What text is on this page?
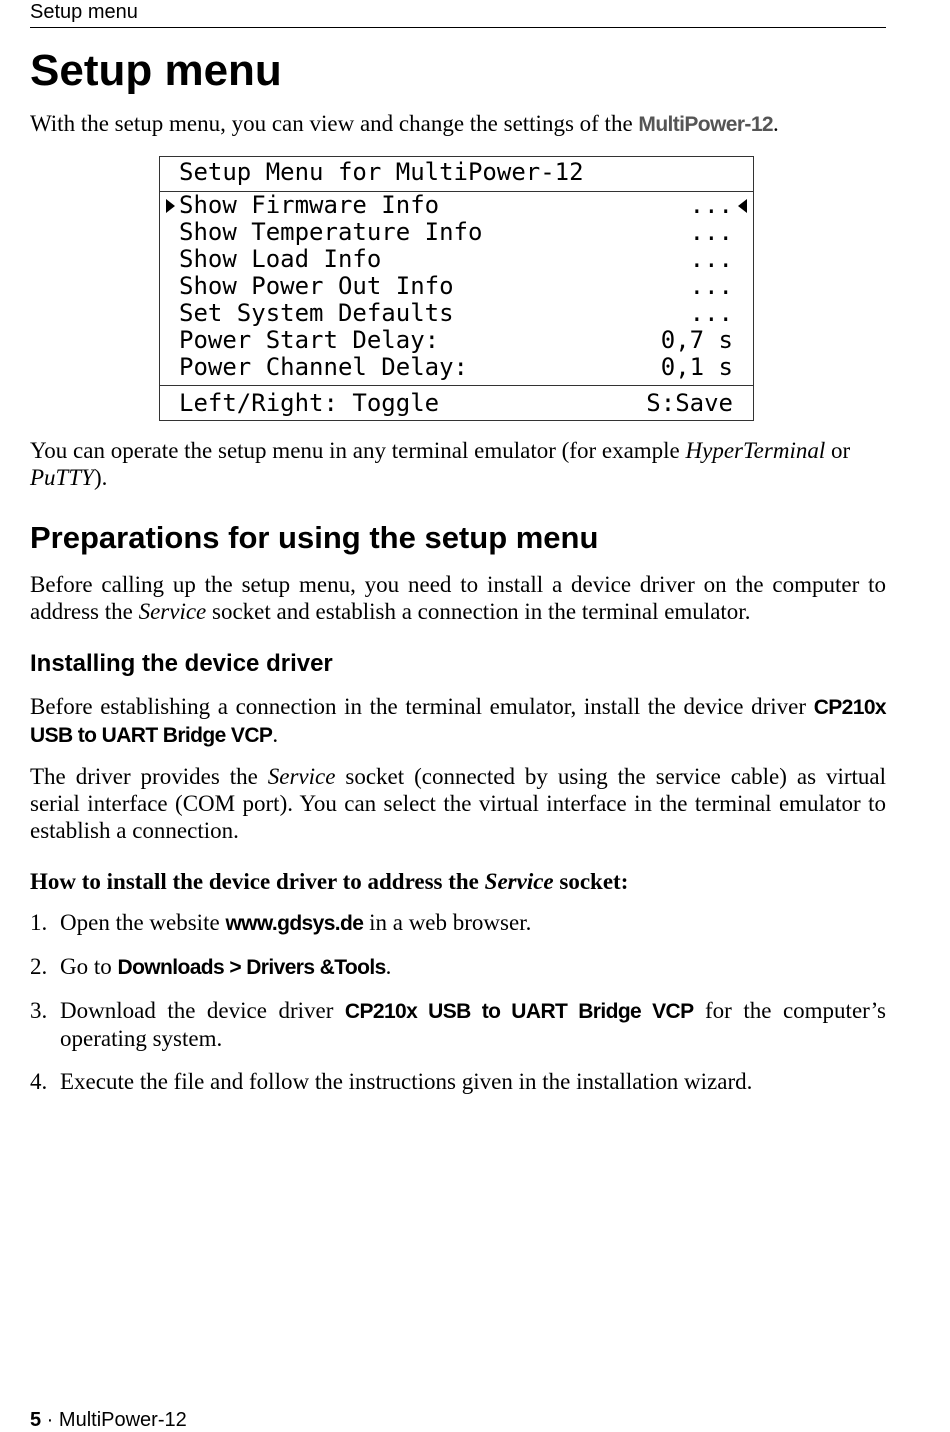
Setup menu
Setup menu

With the setup menu, you can view and change the settings of the MultiPower-12.

Setup Menu for MultiPower-12
Show Firmware Info	...
Show Temperature Info	...
Show Load Info	...
Show Power Out Info	...
Set System Defaults	...
Power Start Delay:	0,7 s
Power Channel Delay:	0,1 s
Left/Right: Toggle	S:Save

You can operate the setup menu in any terminal emulator (for example HyperTerminal or PuTTY).

Preparations for using the setup menu

Before calling up the setup menu, you need to install a device driver on the computer to address the Service socket and establish a connection in the terminal emulator.

Installing the device driver

Before establishing a connection in the terminal emulator, install the device driver CP210x USB to UART Bridge VCP.

The driver provides the Service socket (connected by using the service cable) as virtual serial interface (COM port). You can select the virtual interface in the terminal emulator to establish a connection.

How to install the device driver to address the Service socket:

1. Open the website www.gdsys.de in a web browser.
2. Go to Downloads > Drivers &Tools.
3. Download the device driver CP210x USB to UART Bridge VCP for the computer’s operating system.
4. Execute the file and follow the instructions given in the installation wizard.
5 · MultiPower-12
